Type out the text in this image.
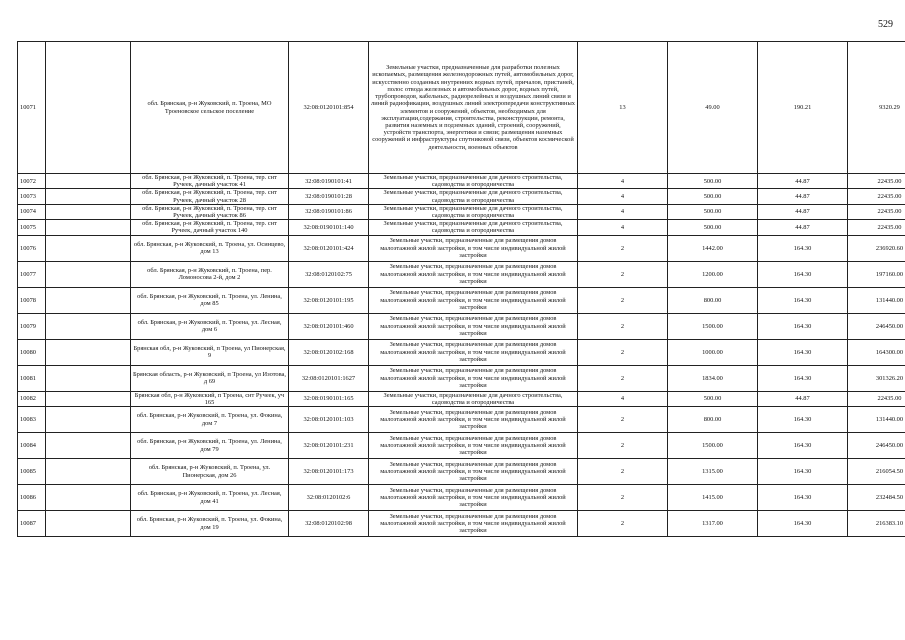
529
10071		обл. Брянская, р-н Жуковский, п. Троена, МО Троеновское сельское поселение	32:08:0120101:854	Земельные участки, предназначенные для разработки полезных ископаемых, размещения железнодорожных путей, автомобильных дорог, искусственно созданных внутренних водных путей, причалов, пристаней, полос отвода железных и автомобильных дорог, водных путей, трубопроводов, кабельных, радиорелейных и воздушных линий связи и линий радиофикации, воздушных линий электропередачи конструктивных элементов и сооружений, объектов, необходимых для эксплуатации,содержания, строительства, реконструкции, ремонта, развития наземных и подземных зданий, строений, сооружений, устройств транспорта, энергетики и связи; размещения наземных сооружений и инфраструктуры спутниковой связи, объектов космической деятельности, военных объектов	13	49.00	190.21	9320.29
10072		обл. Брянская, р-н Жуковский, п. Троена, тер. снт Ручеек, дачный участок 41	32:08:0190101:41	Земельные участки, предназначенные для дачного строительства, садоводства и огородничества	4	500.00	44.87	22435.00
10073		обл. Брянская, р-н Жуковский, п. Троена, тер. снт Ручеек, дачный участок 28	32:08:0190101:28	Земельные участки, предназначенные для дачного строительства, садоводства и огородничества	4	500.00	44.87	22435.00
10074		обл. Брянская, р-н Жуковский, п. Троена, тер. снт Ручеек, дачный участок 86	32:08:0190101:86	Земельные участки, предназначенные для дачного строительства, садоводства и огородничества	4	500.00	44.87	22435.00
10075		обл. Брянская, р-н Жуковский, п. Троена, тер. снт Ручеек, дачный участок 140	32:08:0190101:140	Земельные участки, предназначенные для дачного строительства, садоводства и огородничества	4	500.00	44.87	22435.00
10076		обл. Брянская, р-н Жуковский, п. Троена, ул. Осинцево, дом 13	32:08:0120101:424	Земельные участки, предназначенные для размещения домов малоэтажной жилой застройки, в том числе индивидуальной жилой застройки	2	1442.00	164.30	236920.60
10077		обл. Брянская, р-н Жуковский, п. Троена, пер. Ломоносова 2-й, дом 2	32:08:0120102:75	Земельные участки, предназначенные для размещения домов малоэтажной жилой застройки, в том числе индивидуальной жилой застройки	2	1200.00	164.30	197160.00
10078		обл. Брянская, р-н Жуковский, п. Троена, ул. Ленина, дом 85	32:08:0120101:195	Земельные участки, предназначенные для размещения домов малоэтажной жилой застройки, в том числе индивидуальной жилой застройки	2	800.00	164.30	131440.00
10079		обл. Брянская, р-н Жуковский, п. Троена, ул. Лесная, дом 6	32:08:0120101:460	Земельные участки, предназначенные для размещения домов малоэтажной жилой застройки, в том числе индивидуальной жилой застройки	2	1500.00	164.30	246450.00
10080		Брянская обл, р-н Жуковский, п Троена, ул Пионерская, 9	32:08:0120102:168	Земельные участки, предназначенные для размещения домов малоэтажной жилой застройки, в том числе индивидуальной жилой застройки	2	1000.00	164.30	164300.00
10081		Брянская область, р-н Жуковский, п Троена, ул Изотова, д 69	32:08:0120101:1627	Земельные участки, предназначенные для размещения домов малоэтажной жилой застройки, в том числе индивидуальной жилой застройки	2	1834.00	164.30	301326.20
10082		Брянская обл, р-н Жуковский, п Троена, снт Ручеек, уч 165	32:08:0190101:165	Земельные участки, предназначенные для дачного строительства, садоводства и огородничества	4	500.00	44.87	22435.00
10083		обл. Брянская, р-н Жуковский, п. Троена, ул. Фокина, дом 7	32:08:0120101:103	Земельные участки, предназначенные для размещения домов малоэтажной жилой застройки, в том числе индивидуальной жилой застройки	2	800.00	164.30	131440.00
10084		обл. Брянская, р-н Жуковский, п. Троена, ул. Ленина, дом 79	32:08:0120101:231	Земельные участки, предназначенные для размещения домов малоэтажной жилой застройки, в том числе индивидуальной жилой застройки	2	1500.00	164.30	246450.00
10085		обл. Брянская, р-н Жуковский, п. Троена, ул. Пионерская, дом 26	32:08:0120101:173	Земельные участки, предназначенные для размещения домов малоэтажной жилой застройки, в том числе индивидуальной жилой застройки	2	1315.00	164.30	216054.50
10086		обл. Брянская, р-н Жуковский, п. Троена, ул. Лесная, дом 41	32:08:0120102:6	Земельные участки, предназначенные для размещения домов малоэтажной жилой застройки, в том числе индивидуальной жилой застройки	2	1415.00	164.30	232484.50
10087		обл. Брянская, р-н Жуковский, п. Троена, ул. Фокина, дом 19	32:08:0120102:98	Земельные участки, предназначенные для размещения домов малоэтажной жилой застройки, в том числе индивидуальной жилой застройки	2	1317.00	164.30	216383.10
